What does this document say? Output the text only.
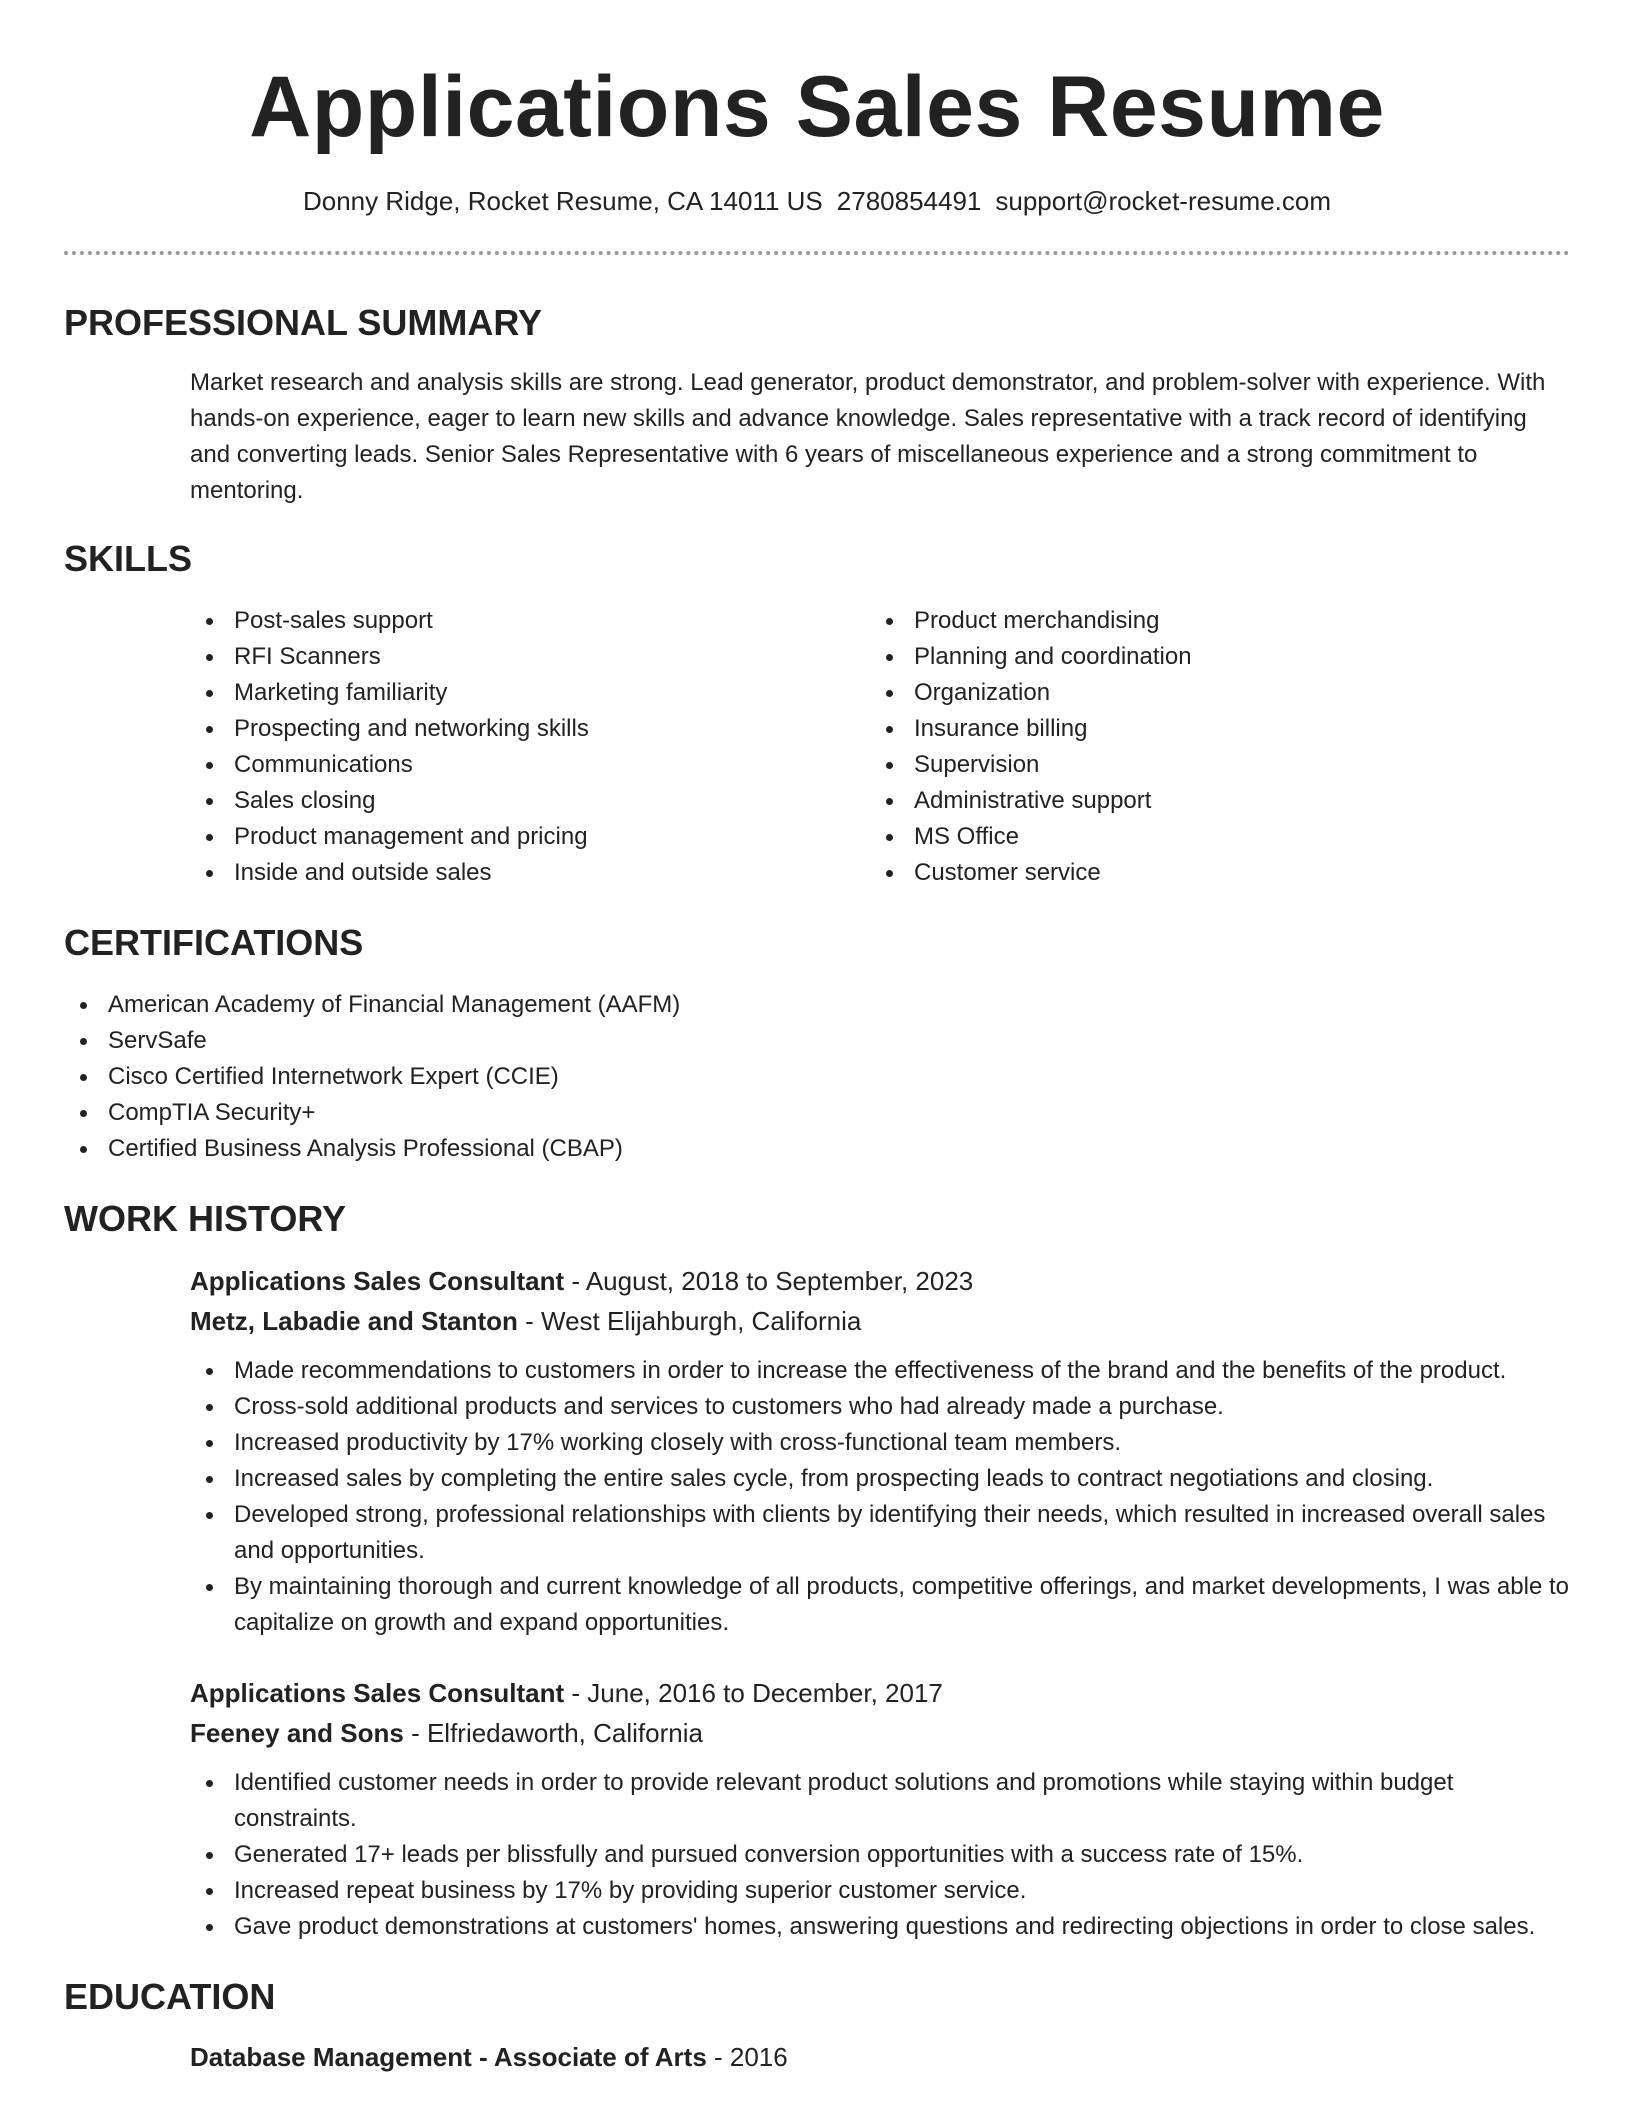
Applications Sales Resume
Donny Ridge, Rocket Resume, CA 14011 US 2780854491 support@rocket-resume.com
PROFESSIONAL SUMMARY

Market research and analysis skills are strong. Lead generator, product demonstrator, and problem-solver with experience. With hands-on experience, eager to learn new skills and advance knowledge. Sales representative with a track record of identifying and converting leads. Senior Sales Representative with 6 years of miscellaneous experience and a strong commitment to mentoring.

SKILLS
Post-sales support
RFI Scanners
Marketing familiarity
Prospecting and networking skills
Communications
Sales closing
Product management and pricing
Inside and outside sales
Product merchandising
Planning and coordination
Organization
Insurance billing
Supervision
Administrative support
MS Office
Customer service
CERTIFICATIONS
American Academy of Financial Management (AAFM)
ServSafe
Cisco Certified Internetwork Expert (CCIE)
CompTIA Security+
Certified Business Analysis Professional (CBAP)
WORK HISTORY
Applications Sales Consultant - August, 2018 to September, 2023
Metz, Labadie and Stanton - West Elijahburgh, California
Made recommendations to customers in order to increase the effectiveness of the brand and the benefits of the product.
Cross-sold additional products and services to customers who had already made a purchase.
Increased productivity by 17% working closely with cross-functional team members.
Increased sales by completing the entire sales cycle, from prospecting leads to contract negotiations and closing.
Developed strong, professional relationships with clients by identifying their needs, which resulted in increased overall sales and opportunities.
By maintaining thorough and current knowledge of all products, competitive offerings, and market developments, I was able to capitalize on growth and expand opportunities.
Applications Sales Consultant - June, 2016 to December, 2017
Feeney and Sons - Elfriedaworth, California
Identified customer needs in order to provide relevant product solutions and promotions while staying within budget constraints.
Generated 17+ leads per blissfully and pursued conversion opportunities with a success rate of 15%.
Increased repeat business by 17% by providing superior customer service.
Gave product demonstrations at customers' homes, answering questions and redirecting objections in order to close sales.
EDUCATION
Database Management - Associate of Arts - 2016
